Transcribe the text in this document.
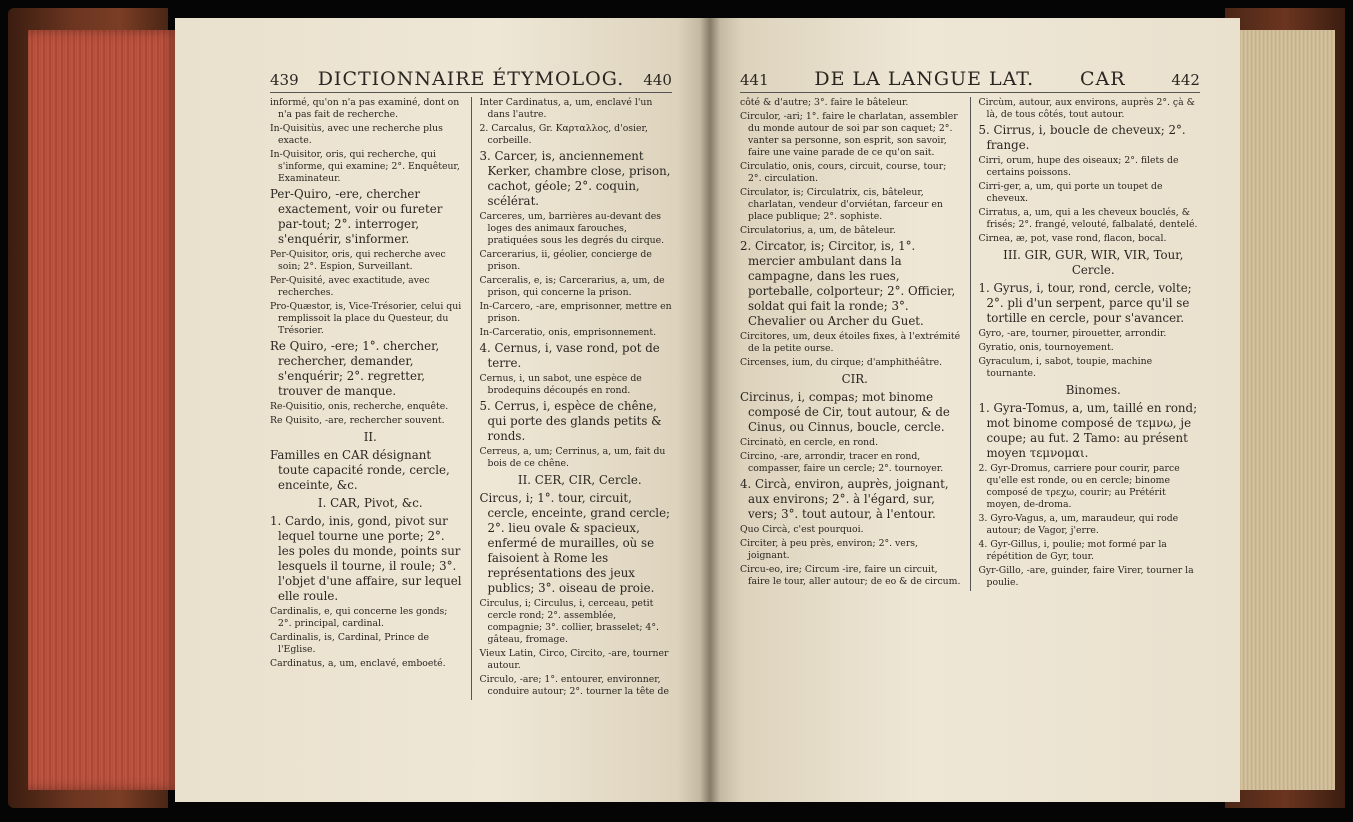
439 DICTIONNAIRE ÉTYMOLOG. 440

informé, qu'on n'a pas examiné, dont on n'a pas fait de recherche.

In-Quisitùs, avec une recherche plus exacte.

In-Quisitor, oris, qui recherche, qui s'informe, qui examine; 2°. Enquêteur, Examinateur.

Per-Quiro, -ere, chercher exactement, voir ou fureter par-tout; 2°. interroger, s'enquérir, s'informer.

Per-Quisitor, oris, qui recherche avec soin; 2°. Espion, Surveillant.

Per-Quisité, avec exactitude, avec recherches.

Pro-Quæstor, is, Vice-Trésorier, celui qui remplissoit la place du Questeur, du Trésorier.

Re Quiro, -ere; 1°. chercher, rechercher, demander, s'enquérir; 2°. regretter, trouver de manque.

Re-Quisitio, onis, recherche, enquête.

Re Quisito, -are, rechercher souvent.

II.

Familles en CAR désignant toute capacité ronde, cercle, enceinte, &c.

I. CAR, Pivot, &c.

1. Cardo, inis, gond, pivot sur lequel tourne une porte; 2°. les poles du monde, points sur lesquels il tourne, il roule; 3°. l'objet d'une affaire, sur lequel elle roule.

Cardinalis, e, qui concerne les gonds; 2°. principal, cardinal.

Cardinalis, is, Cardinal, Prince de l'Eglise.

Cardinatus, a, um, enclavé, emboeté.

Inter Cardinatus, a, um, enclavé l'un dans l'autre.

2. Carcalus, Gr. Καρταλλος, d'osier, corbeille.

3. Carcer, is, anciennement Kerker, chambre close, prison, cachot, géole; 2°. coquin, scélérat.

Carceres, um, barrières au-devant des loges des animaux farouches, pratiquées sous les degrés du cirque.

Carcerarius, ii, géolier, concierge de prison.

Carceralis, e, is; Carcerarius, a, um, de prison, qui concerne la prison.

In-Carcero, -are, emprisonner, mettre en prison.

In-Carceratio, onis, emprisonnement.

4. Cernus, i, vase rond, pot de terre.

Cernus, i, un sabot, une espèce de brodequins découpés en rond.

5. Cerrus, i, espèce de chêne, qui porte des glands petits & ronds.

Cerreus, a, um; Cerrinus, a, um, fait du bois de ce chêne.

II. CER, CIR, Cercle.

Circus, i; 1°. tour, circuit, cercle, enceinte, grand cercle; 2°. lieu ovale & spacieux, enfermé de murailles, où se faisoient à Rome les représentations des jeux publics; 3°. oiseau de proie.

Circulus, i; Circulus, i, cerceau, petit cercle rond; 2°. assemblée, compagnie; 3°. collier, brasselet; 4°. gâteau, fromage.

Vieux Latin, Circo, Circito, -are, tourner autour.

Circulo, -are; 1°. entourer, environner, conduire autour; 2°. tourner la tête de

441 DE LA LANGUE LAT. CAR	442

côté & d'autre; 3°. faire le bâteleur.

Circulor, -ari; 1°. faire le charlatan, assembler du monde autour de soi par son caquet; 2°. vanter sa personne, son esprit, son savoir, faire une vaine parade de ce qu'on sait.

Circulatio, onis, cours, circuit, course, tour; 2°. circulation.

Circulator, is; Circulatrix, cis, bâteleur, charlatan, vendeur d'orviétan, farceur en place publique; 2°. sophiste.

Circulatorius, a, um, de bâteleur.

2. Circator, is; Circitor, is, 1°. mercier ambulant dans la campagne, dans les rues, porteballe, colporteur; 2°. Officier, soldat qui fait la ronde; 3°. Chevalier ou Archer du Guet.

Circitores, um, deux étoiles fixes, à l'extrémité de la petite ourse.

Circenses, ium, du cirque; d'amphithéâtre.

CIR.

Circinus, i, compas; mot binome composé de Cir, tout autour, & de Cinus, ou Cinnus, boucle, cercle.

Circinatò, en cercle, en rond.

Circino, -are, arrondir, tracer en rond, compasser, faire un cercle; 2°. tournoyer.

4. Circà, environ, auprès, joignant, aux environs; 2°. à l'égard, sur, vers; 3°. tout autour, à l'entour.

Quo Circà, c'est pourquoi.

Circiter, à peu près, environ; 2°. vers, joignant.

Circu-eo, ire; Circum -ire, faire un circuit, faire le tour, aller autour; de eo & de circum.

Circùm, autour, aux environs, auprès 2°. çà & là, de tous côtés, tout autour.

5. Cirrus, i, boucle de cheveux; 2°. frange.

Cirri, orum, hupe des oiseaux; 2°. filets de certains poissons.

Cirri-ger, a, um, qui porte un toupet de cheveux.

Cirratus, a, um, qui a les cheveux bouclés, & frisés; 2°. frangé, velouté, falbalaté, dentelé.

Cirnea, æ, pot, vase rond, flacon, bocal.

III. GIR, GUR, WIR, VIR, Tour, Cercle.

1. Gyrus, i, tour, rond, cercle, volte; 2°. pli d'un serpent, parce qu'il se tortille en cercle, pour s'avancer.

Gyro, -are, tourner, pirouetter, arrondir.

Gyratio, onis, tournoyement.

Gyraculum, i, sabot, toupie, machine tournante.

Binomes.

1. Gyra-Tomus, a, um, taillé en rond; mot binome composé de τεμνω, je coupe; au fut. 2 Tamo: au présent moyen τεμνομαι.

2. Gyr-Dromus, carriere pour courir, parce qu'elle est ronde, ou en cercle; binome composé de τρεχω, courir; au Prétérit moyen, de-droma.

3. Gyro-Vagus, a, um, maraudeur, qui rode autour; de Vagor, j'erre.

4. Gyr-Gillus, i, poulie; mot formé par la répétition de Gyr, tour.

Gyr-Gillo, -are, guinder, faire Virer, tourner la poulie.
